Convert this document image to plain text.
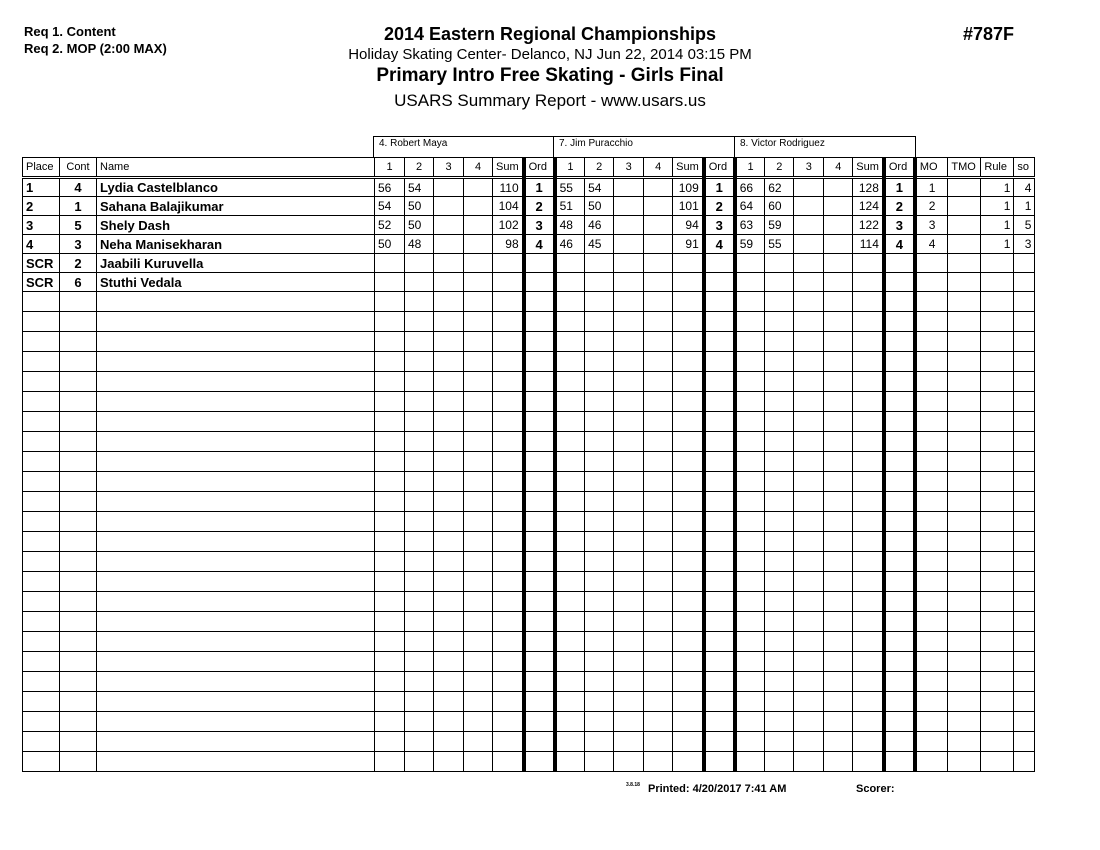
Req 1. Content
Req 2. MOP (2:00 MAX)
2014 Eastern Regional Championships
Holiday Skating Center- Delanco, NJ Jun 22, 2014 03:15 PM
Primary Intro Free Skating - Girls Final
USARS Summary Report - www.usars.us
#787F
4. Robert Maya	7. Jim Puracchio	8. Victor Rodriguez
Place	Cont	Name	1	2	3	4	Sum	Ord	1	2	3	4	Sum	Ord	1	2	3	4	Sum	Ord	MO	TMO	Rule	so
1	4	Lydia Castelblanco	56	54			110	1	55	54			109	1	66	62			128	1	1		1	4
2	1	Sahana Balajikumar	54	50			104	2	51	50			101	2	64	60			124	2	2		1	1
3	5	Shely Dash	52	50			102	3	48	46			94	3	63	59			122	3	3		1	5
4	3	Neha Manisekharan	50	48			98	4	46	45			91	4	59	55			114	4	4		1	3
SCR	2	Jaabili Kuruvella																						
SCR	6	Stuthi Vedala																						

3.8.18 Printed: 4/20/2017 7:41 AM	Scorer:
